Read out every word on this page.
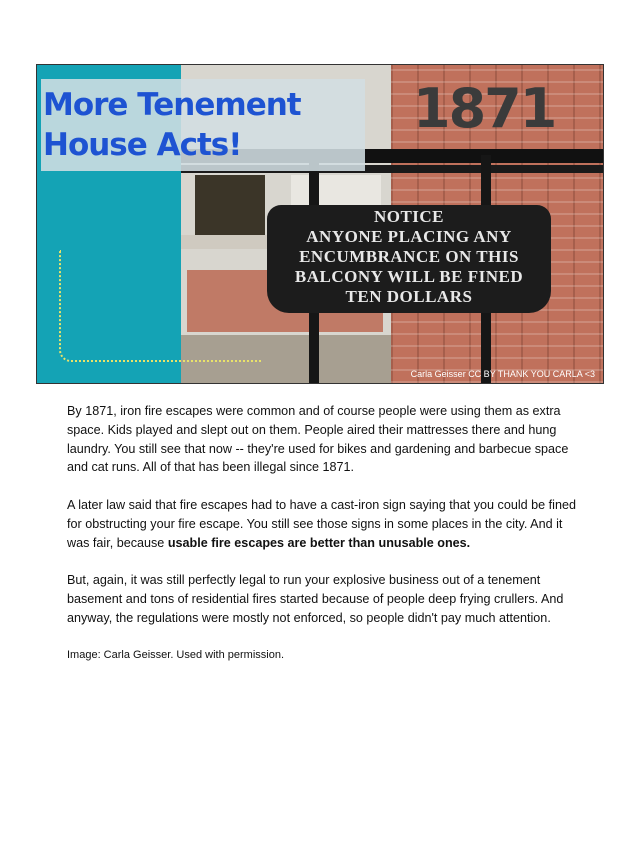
NOTICE
ANYONE PLACING ANY
ENCUMBRANCE ON THIS
BALCONY WILL BE FINED
TEN DOLLARS
More Tenement
House Acts!
1871
Carla Geisser CC BY THANK YOU CARLA <3

By 1871, iron fire escapes were common and of course people were using them as extra space. Kids played and slept out on them. People aired their mattresses there and hung laundry. You still see that now -- they're used for bikes and gardening and barbecue space and cat runs. All of that has been illegal since 1871.

A later law said that fire escapes had to have a cast-iron sign saying that you could be fined for obstructing your fire escape. You still see those signs in some places in the city. And it was fair, because usable fire escapes are better than unusable ones.

But, again, it was still perfectly legal to run your explosive business out of a tenement basement and tons of residential fires started because of people deep frying crullers. And anyway, the regulations were mostly not enforced, so people didn't pay much attention.

Image: Carla Geisser. Used with permission.
